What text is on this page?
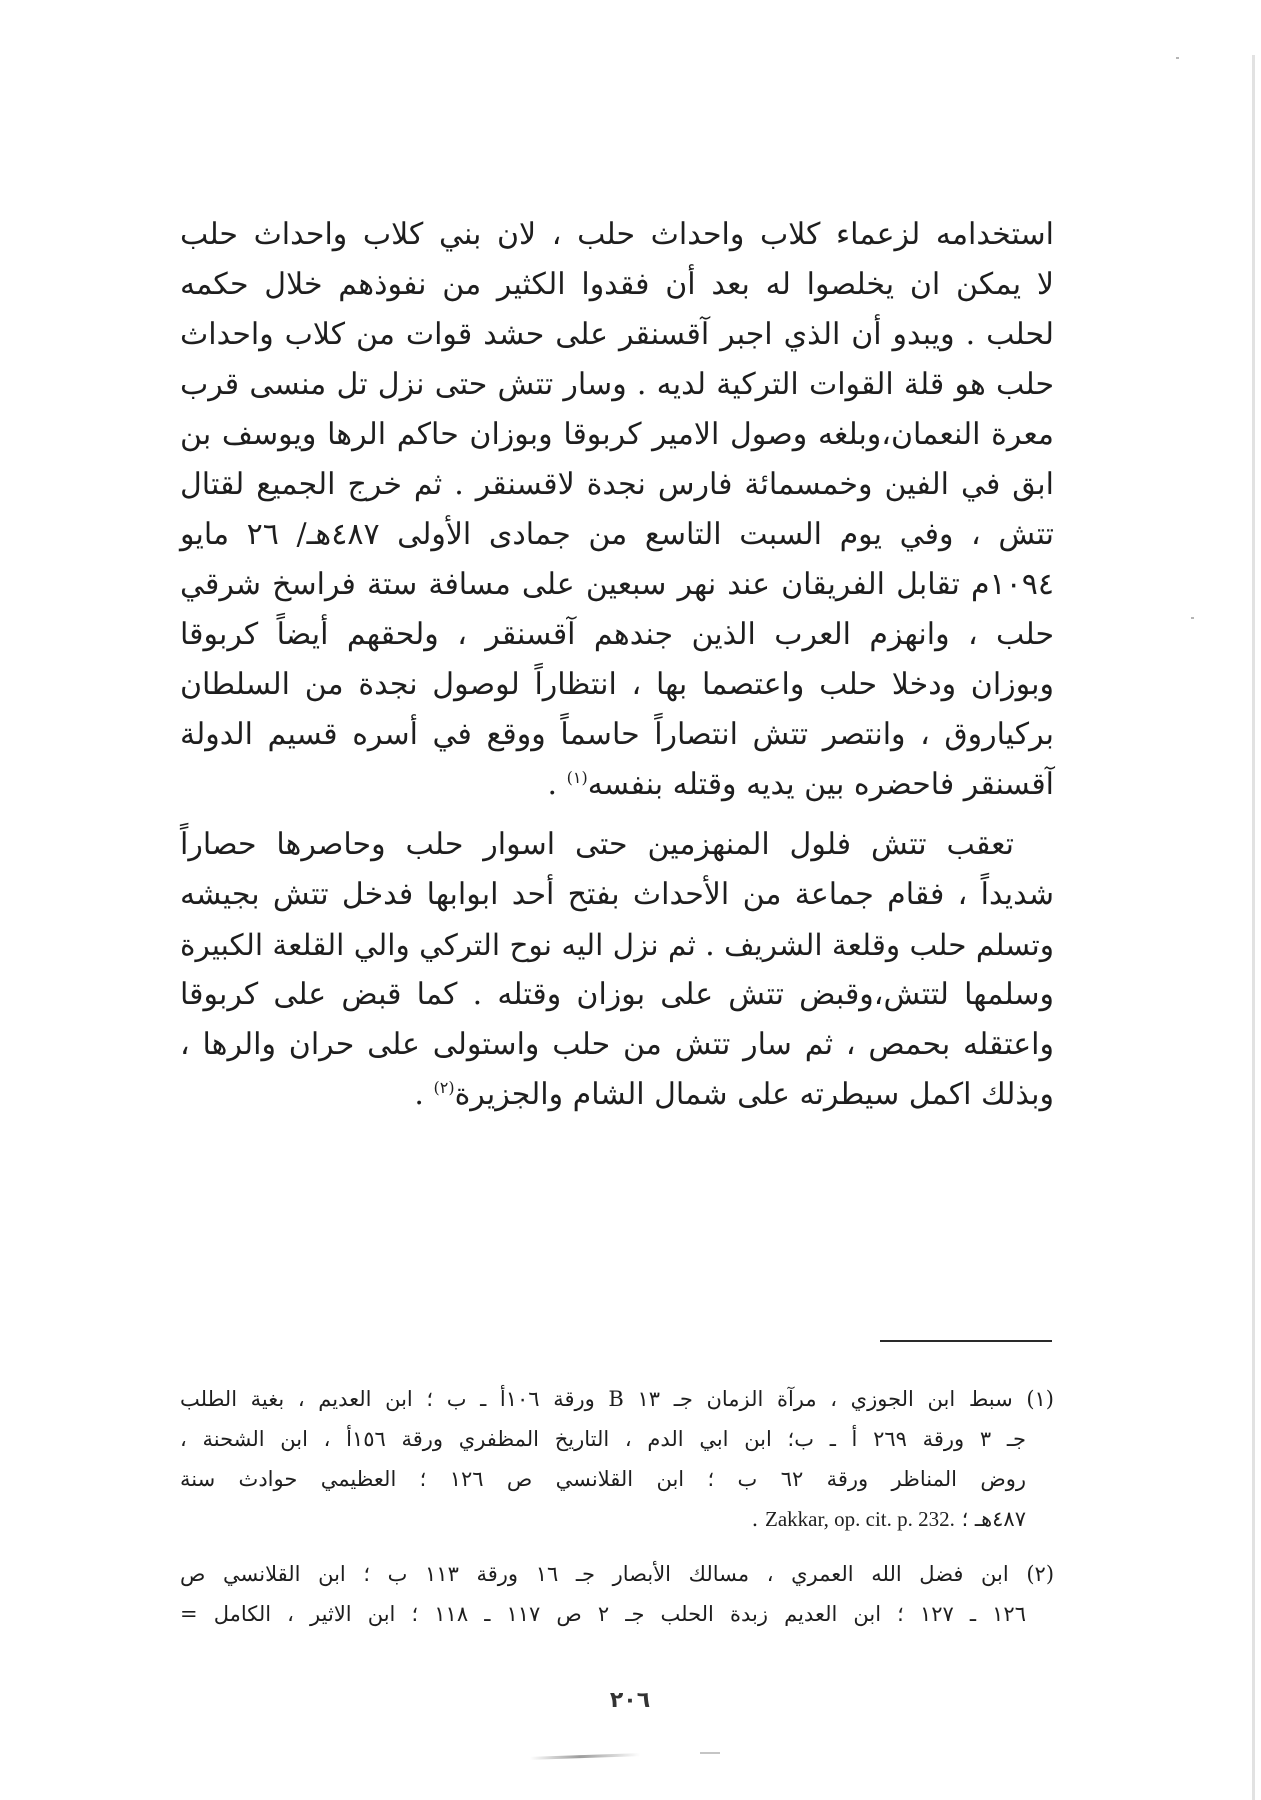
استخدامه لزعماء كلاب واحداث حلب ، لان بني كلاب واحداث حلب
لا يمكن ان يخلصوا له بعد أن فقدوا الكثير من نفوذهم خلال حكمه
لحلب . ويبدو أن الذي اجبر آقسنقر على حشد قوات من كلاب واحداث
حلب هو قلة القوات التركية لديه . وسار تتش حتى نزل تل منسى قرب
معرة النعمان،وبلغه وصول الامير كربوقا وبوزان حاكم الرها ويوسف بن
ابق في الفين وخمسمائة فارس نجدة لاقسنقر . ثم خرج الجميع لقتال
تتش ، وفي يوم السبت التاسع من جمادى الأولى ٤٨٧هـ/ ٢٦ مايو
١٠٩٤م تقابل الفريقان عند نهر سبعين على مسافة ستة فراسخ شرقي
حلب ، وانهزم العرب الذين جندهم آقسنقر ، ولحقهم أيضاً كربوقا
وبوزان ودخلا حلب واعتصما بها ، انتظاراً لوصول نجدة من السلطان
بركياروق ، وانتصر تتش انتصاراً حاسماً ووقع في أسره قسيم الدولة
آقسنقر فاحضره بين يديه وقتله بنفسه$^{(١)}$ .
تعقب تتش فلول المنهزمين حتى اسوار حلب وحاصرها حصاراً
شديداً ، فقام جماعة من الأحداث بفتح أحد ابوابها فدخل تتش بجيشه
وتسلم حلب وقلعة الشريف . ثم نزل اليه نوح التركي والي القلعة الكبيرة
وسلمها لتتش،وقبض تتش على بوزان وقتله . كما قبض على كربوقا
واعتقله بحمص ، ثم سار تتش من حلب واستولى على حران والرها ،
وبذلك اكمل سيطرته على شمال الشام والجزيرة$^{(٢)}$ .
(١) سبط ابن الجوزي ، مرآة الزمان جـ ١٣ B ورقة ١٠٦أ ـ ب ؛ ابن العديم ، بغية الطلب
جـ ٣ ورقة ٢٦٩ أ ـ ب؛ ابن ابي الدم ، التاريخ المظفري ورقة ١٥٦أ ، ابن الشحنة ،
روض المناظر ورقة ٦٢ ب ؛ ابن القلانسي ص ١٢٦ ؛ العظيمي حوادث سنة
٤٨٧هـ ؛ Zakkar, op. cit. p. 232. .
(٢) ابن فضل الله العمري ، مسالك الأبصار جـ ١٦ ورقة ١١٣ ب ؛ ابن القلانسي ص
١٢٦ ـ ١٢٧ ؛ ابن العديم زبدة الحلب جـ ٢ ص ١١٧ ـ ١١٨ ؛ ابن الاثير ، الكامل =
٢٠٦
